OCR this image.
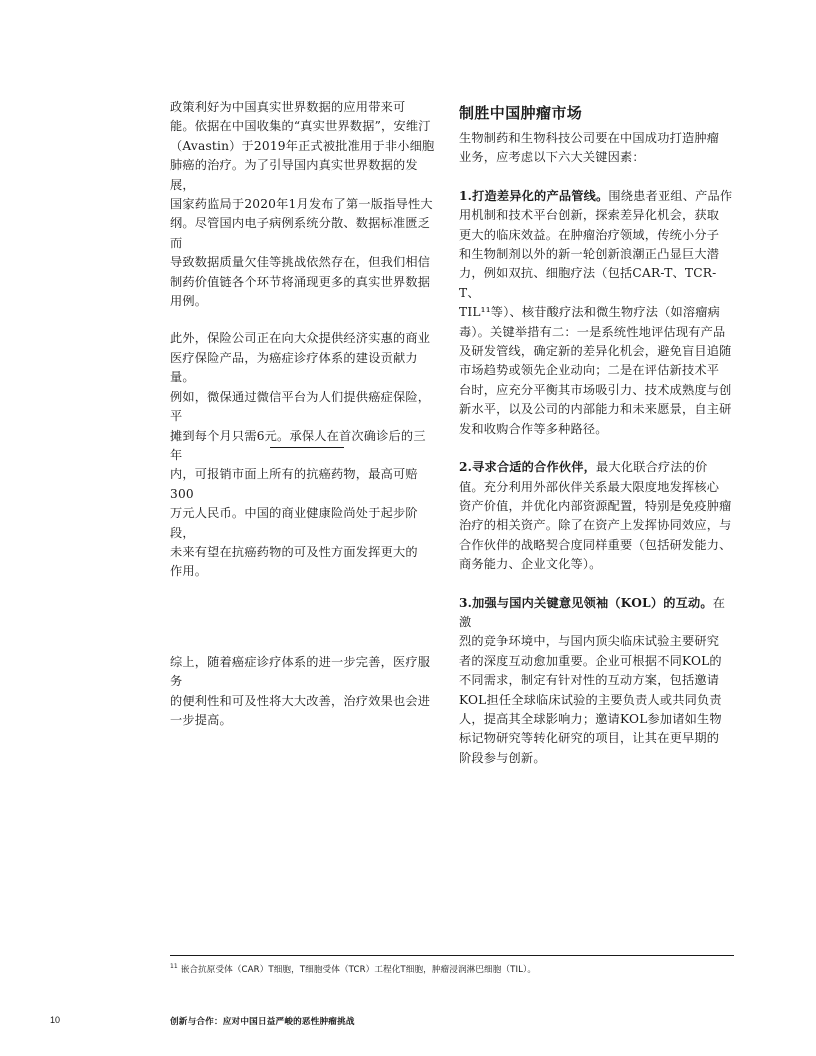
政策利好为中国真实世界数据的应用带来可
能。依据在中国收集的“真实世界数据”，安维汀
（Avastin）于2019年正式被批准用于非小细胞
肺癌的治疗。为了引导国内真实世界数据的发展，
国家药监局于2020年1月发布了第一版指导性大
纲。尽管国内电子病例系统分散、数据标准匮乏而
导致数据质量欠佳等挑战依然存在，但我们相信
制药价值链各个环节将涌现更多的真实世界数据
用例。

此外，保险公司正在向大众提供经济实惠的商业
医疗保险产品，为癌症诊疗体系的建设贡献力量。
例如，微保通过微信平台为人们提供癌症保险，平
摊到每个月只需6元。承保人在首次确诊后的三年
内，可报销市面上所有的抗癌药物，最高可赔300
万元人民币。中国的商业健康险尚处于起步阶段，
未来有望在抗癌药物的可及性方面发挥更大的
作用。

综上，随着癌症诊疗体系的进一步完善，医疗服务
的便利性和可及性将大大改善，治疗效果也会进
一步提高。

制胜中国肿瘤市场

生物制药和生物科技公司要在中国成功打造肿瘤
业务，应考虑以下六大关键因素：

1.打造差异化的产品管线。围绕患者亚组、产品作
用机制和技术平台创新，探索差异化机会，获取
更大的临床效益。在肿瘤治疗领域，传统小分子
和生物制剂以外的新一轮创新浪潮正凸显巨大潜
力，例如双抗、细胞疗法（包括CAR-T、TCR-T、
TIL¹¹等）、核苷酸疗法和微生物疗法（如溶瘤病
毒）。关键举措有二：一是系统性地评估现有产品
及研发管线，确定新的差异化机会，避免盲目追随
市场趋势或领先企业动向；二是在评估新技术平
台时，应充分平衡其市场吸引力、技术成熟度与创
新水平，以及公司的内部能力和未来愿景，自主研
发和收购合作等多种路径。

2.寻求合适的合作伙伴，最大化联合疗法的价
值。充分利用外部伙伴关系最大限度地发挥核心
资产价值，并优化内部资源配置，特别是免疫肿瘤
治疗的相关资产。除了在资产上发挥协同效应，与
合作伙伴的战略契合度同样重要（包括研发能力、
商务能力、企业文化等）。

3.加强与国内关键意见领袖（KOL）的互动。在激
烈的竞争环境中，与国内顶尖临床试验主要研究
者的深度互动愈加重要。企业可根据不同KOL的
不同需求，制定有针对性的互动方案，包括邀请
KOL担任全球临床试验的主要负责人或共同负责
人，提高其全球影响力；邀请KOL参加诸如生物
标记物研究等转化研究的项目，让其在更早期的
阶段参与创新。

$^{11}$ 嵌合抗原受体（CAR）T细胞，T细胞受体（TCR）工程化T细胞，肿瘤浸润淋巴细胞（TIL）。
10	创新与合作：应对中国日益严峻的恶性肿瘤挑战
